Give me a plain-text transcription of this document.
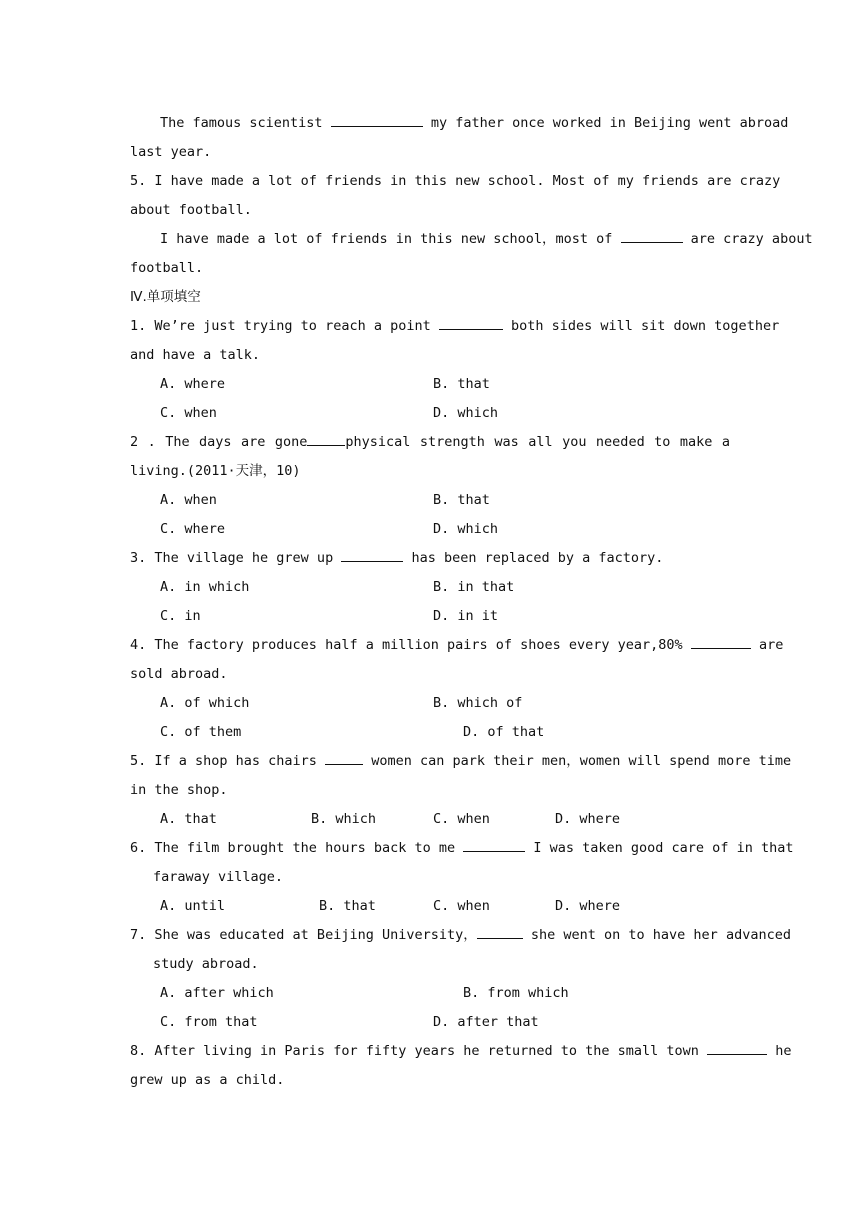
The famous scientist	my father once worked in Beijing went abroad
last year.
5. I have made a lot of friends in this new school. Most of my friends are crazy
about football.
I have made a lot of friends in this new school，most of	are crazy about
football.
Ⅳ.单项填空
1. We’re just trying to reach a point	both sides will sit down together
and have a talk.
A. where	B. that
C. when	D. which
2 . The days are gone	physical strength was all you needed to make a
living.(2011·天津，10)
A. when	B. that
C. where	D. which
3. The village he grew up	has been replaced by a factory.
A. in which	B. in that
C. in	D. in it
4. The factory produces half a million pairs of shoes every year,80%	are
sold abroad.
A. of which	B. which of
C. of them	D. of that
5. If a shop has chairs	women can park their men，women will spend more time
in the shop.
A. that	B. which	C. when	D. where
6. The film brought the hours back to me	I was taken good care of in that
faraway village.
A. until	B. that	C. when	D. where
7. She was educated at Beijing University，	she went on to have her advanced
study abroad.
A. after which	B. from which
C. from that	D. after that
8. After living in Paris for fifty years he returned to the small town	he
grew up as a child.
